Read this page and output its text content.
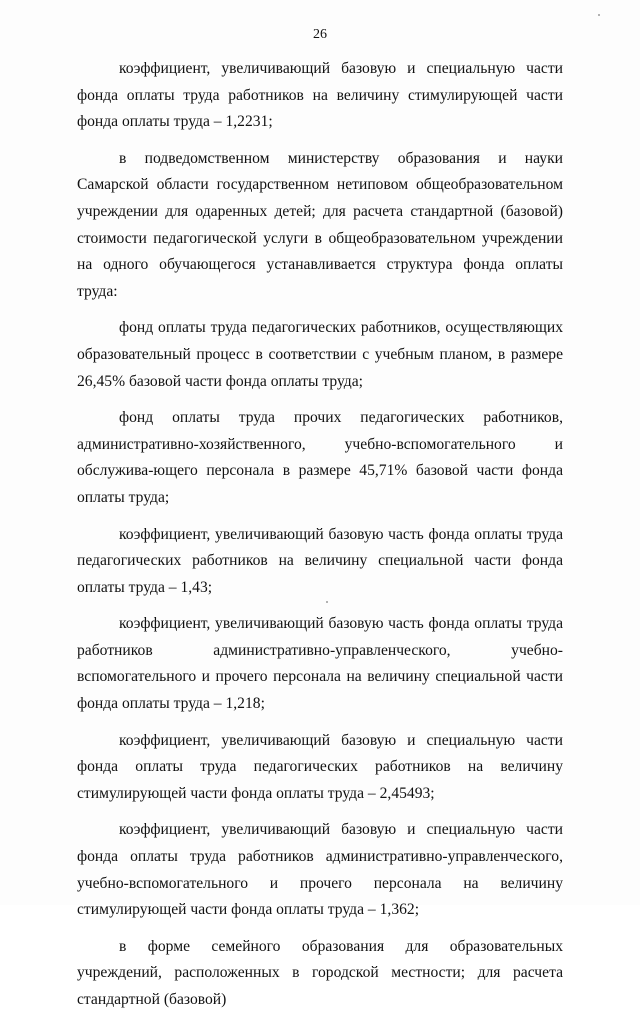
26

коэффициент, увеличивающий базовую и специальную части фонда оплаты труда работников на величину стимулирующей части фонда оплаты труда – 1,2231;

в подведомственном министерству образования и науки Самарской области государственном нетиповом общеобразовательном учреждении для одаренных детей; для расчета стандартной (базовой) стоимости педагогической услуги в общеобразовательном учреждении на одного обучающегося устанавливается структура фонда оплаты труда:

фонд оплаты труда педагогических работников, осуществляющих образовательный процесс в соответствии с учебным планом, в размере 26,45% базовой части фонда оплаты труда;

фонд оплаты труда прочих педагогических работников, административно-хозяйственного, учебно-вспомогательного и обслужива-ющего персонала в размере 45,71% базовой части фонда оплаты труда;

коэффициент, увеличивающий базовую часть фонда оплаты труда педагогических работников на величину специальной части фонда оплаты труда – 1,43;

коэффициент, увеличивающий базовую часть фонда оплаты труда работников административно-управленческого, учебно-вспомогательного и прочего персонала на величину специальной части фонда оплаты труда – 1,218;

коэффициент, увеличивающий базовую и специальную части фонда оплаты труда педагогических работников на величину стимулирующей части фонда оплаты труда – 2,45493;

коэффициент, увеличивающий базовую и специальную части фонда оплаты труда работников административно-управленческого, учебно-вспомогательного и прочего персонала на величину стимулирующей части фонда оплаты труда – 1,362;

в форме семейного образования для образовательных учреждений, расположенных в городской местности; для расчета стандартной (базовой)
